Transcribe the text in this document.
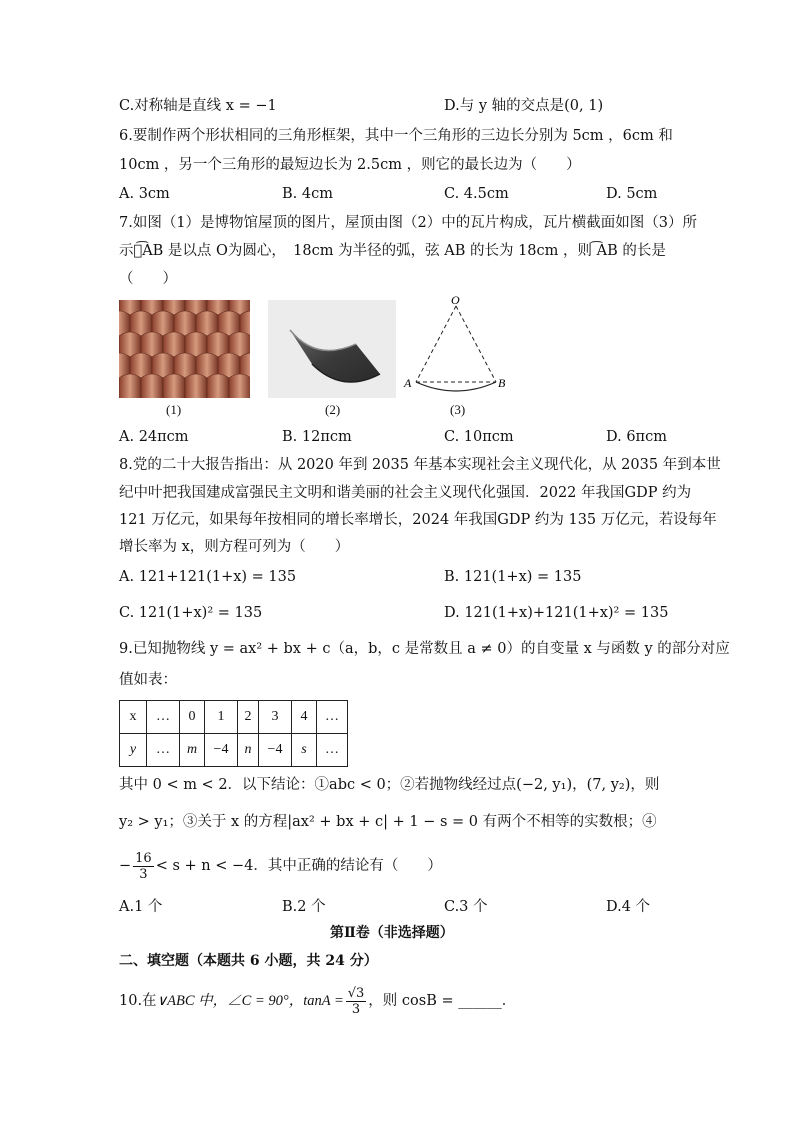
C.对称轴是直线 x = −1	D.与 y 轴的交点是(0, 1)
6.要制作两个形状相同的三角形框架，其中一个三角形的三边长分别为 5cm ，6cm 和
10cm ，另一个三角形的最短边长为 2.5cm ，则它的最长边为（　　）
A. 3cm	B. 4cm	C. 4.5cm	D. 5cm
7.如图（1）是博物馆屋顶的图片，屋顶由图（2）中的瓦片构成，瓦片横截面如图（3）所
示，͡AB 是以点 O为圆心，　18cm 为半径的弧，弦 AB 的长为 18cm ，则 ͡AB 的长是
（　　）
(1)	(2)
O
A	B
(3)
A. 24πcm	B. 12πcm	C. 10πcm	D. 6πcm
8.党的二十大报告指出：从 2020 年到 2035 年基本实现社会主义现代化，从 2035 年到本世
纪中叶把我国建成富强民主文明和谐美丽的社会主义现代化强国．2022 年我国GDP 约为
121 万亿元，如果每年按相同的增长率增长，2024 年我国GDP 约为 135 万亿元，若设每年
增长率为 x，则方程可列为（　　）
A. 121+121(1+x) = 135	B. 121(1+x) = 135
C. 121(1+x)² = 135	D. 121(1+x)+121(1+x)² = 135
9.已知抛物线 y = ax² + bx + c（a，b，c 是常数且 a ≠ 0）的自变量 x 与函数 y 的部分对应
值如表：
x	…	0	1	2	3	4	…
y	…	m	−4	n	−4	s	…
其中 0 < m < 2．以下结论：①abc < 0；②若抛物线经过点(−2, y₁)，(7, y₂)，则
y₂ > y₁；③关于 x 的方程|ax² + bx + c| + 1 − s = 0 有两个不相等的实数根；④
− $\frac{16}{3} < s + n < -4$．其中正确的结论有（　　）
A.1 个	B.2 个	C.3 个	D.4 个
第Ⅱ卷（非选择题）
二、填空题（本题共 6 小题，共 24 分）
10.在∨ABC 中，∠C = 90°，$\tan A = \frac{√3}{3}$ ，则 cosB = ______．
